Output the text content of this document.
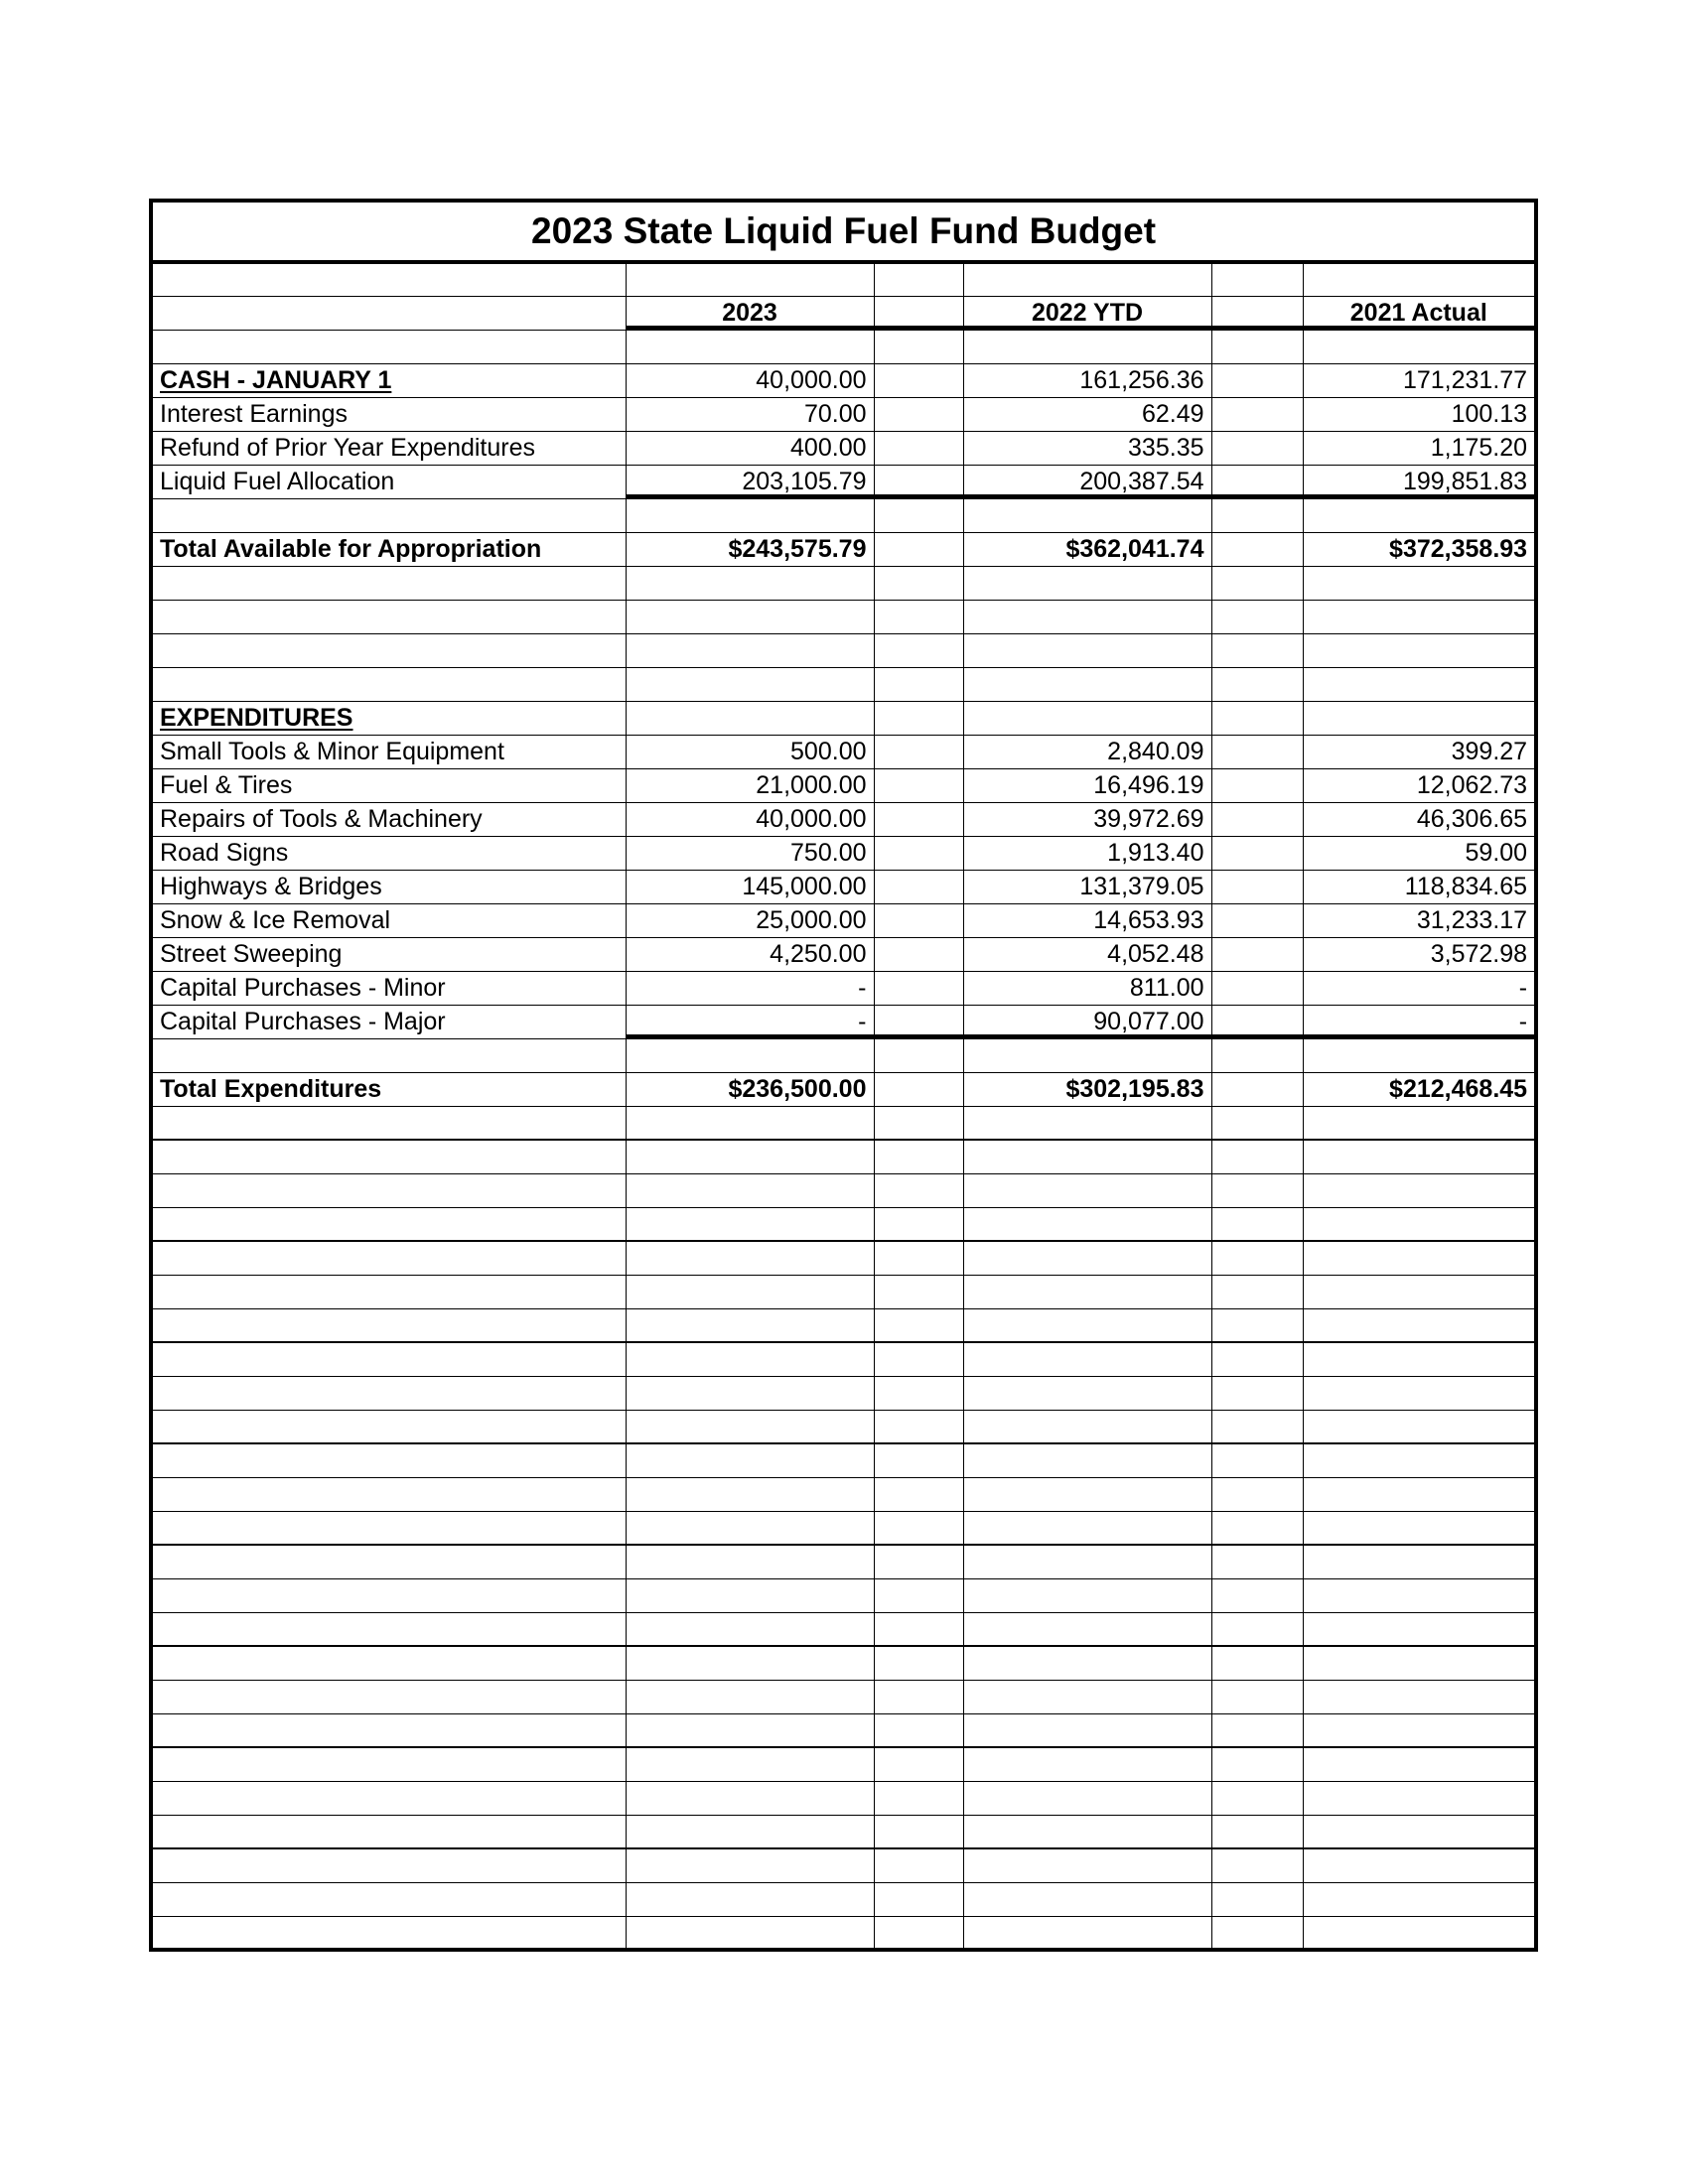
2023 State Liquid Fuel Fund Budget					

	2023		2022 YTD		2021 Actual

CASH - JANUARY 1	40,000.00		161,256.36		171,231.77
Interest Earnings	70.00		62.49		100.13
Refund of Prior Year Expenditures	400.00		335.35		1,175.20
Liquid Fuel Allocation	203,105.79		200,387.54		199,851.83

Total Available for Appropriation	$243,575.79		$362,041.74		$372,358.93

EXPENDITURES					
Small Tools & Minor Equipment	500.00		2,840.09		399.27
Fuel & Tires	21,000.00		16,496.19		12,062.73
Repairs of Tools & Machinery	40,000.00		39,972.69		46,306.65
Road Signs	750.00		1,913.40		59.00
Highways & Bridges	145,000.00		131,379.05		118,834.65
Snow & Ice Removal	25,000.00		14,653.93		31,233.17
Street Sweeping	4,250.00		4,052.48		3,572.98
Capital Purchases - Minor	-		811.00		-
Capital Purchases - Major	-		90,077.00		-

Total Expenditures	$236,500.00		$302,195.83		$212,468.45
